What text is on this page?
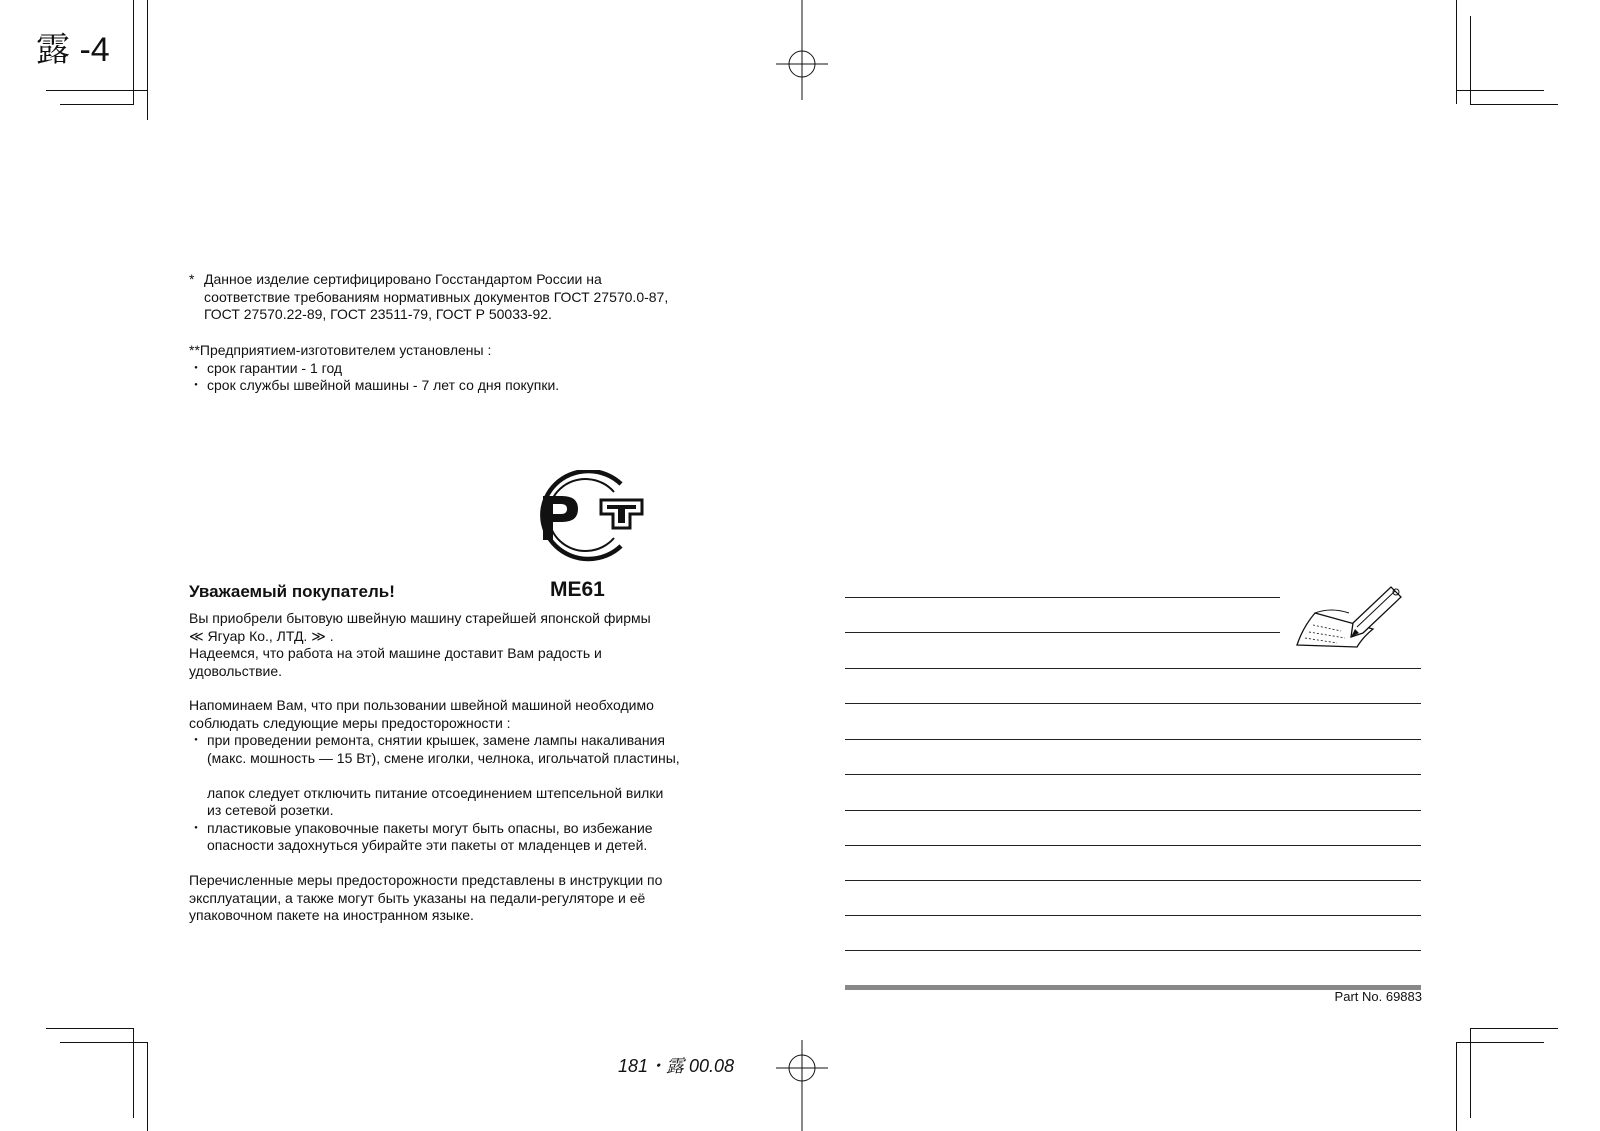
露 -4
* Данное изделие сертифицировано Госстандартом России на
соответствие требованиям нормативных документов ГОСТ 27570.0-87,
ГОСТ 27570.22-89, ГОСТ 23511-79, ГОСТ Р 50033-92.
**Предприятием-изготовителем установлены :
・ срок гарантии - 1 год
・ срок службы швейной машины - 7 лет со дня покупки.
Уважаемый покупатель!	ME61
Вы приобрели бытовую швейную машину старейшей японской фирмы
≪ Ягуар Ко., ЛТД. ≫ .
Надеемся, что работа на этой машине доставит Вам радость и
удовольствие.
Напоминаем Вам, что при пользовании швейной машиной необходимо
соблюдать следующие меры предосторожности :
・ при проведении ремонта, снятии крышек, замене лампы накаливания
(макс. мошность — 15 Вт), смене иголки, челнока, игольчатой пластины,
лапок следует отключить питание отсоединением штепсельной вилки
из сетевой розетки.
・ пластиковые упаковочные пакеты могут быть опасны, во избежание
опасности задохнуться убирайте эти пакеты от младенцев и детей.
Перечисленные меры предосторожности представлены в инструкции по
эксплуатации, а также могут быть указаны на педали-регуляторе и её
упаковочном пакете на иностранном языке.
Part No. 69883
181・露 00.08
